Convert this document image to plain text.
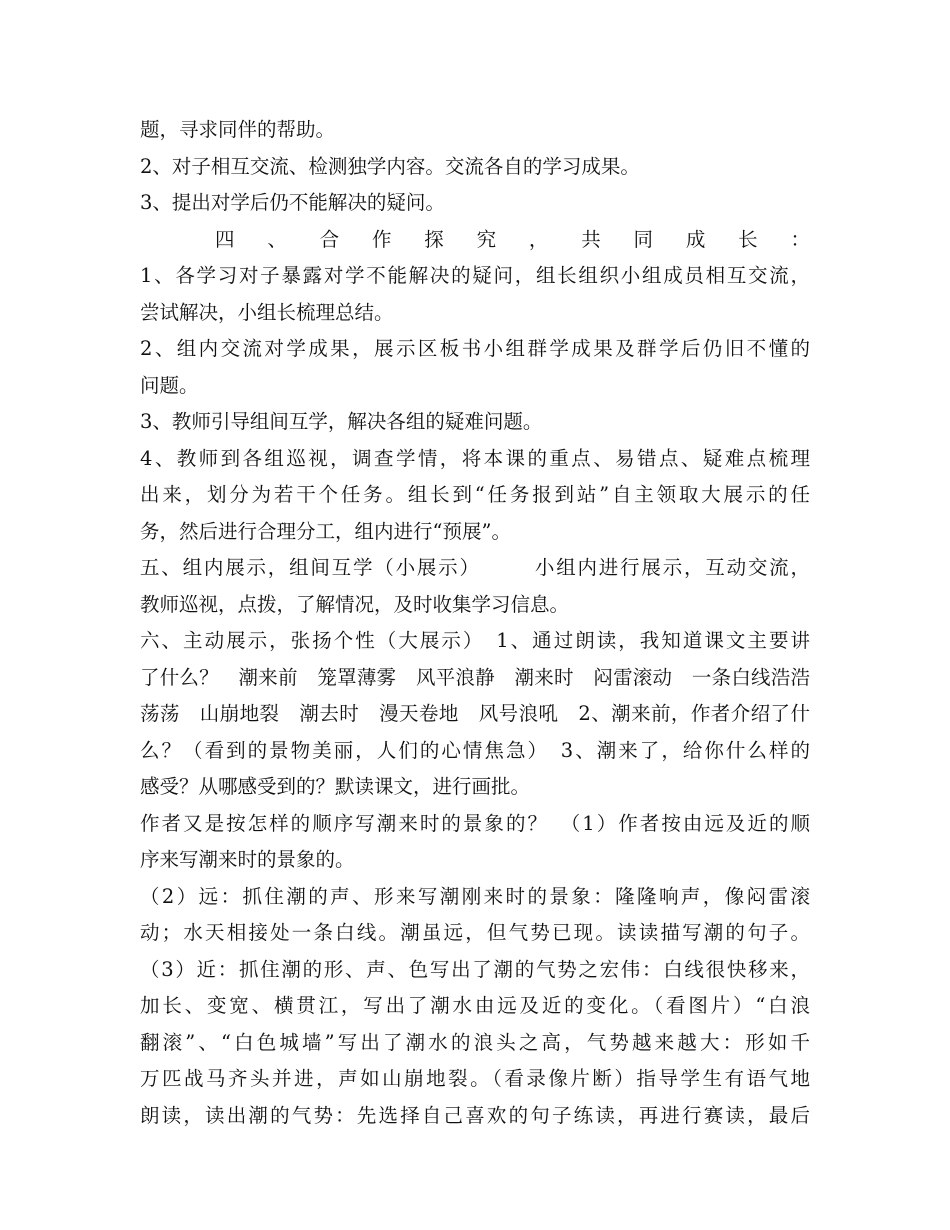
题，寻求同伴的帮助。
2、对子相互交流、检测独学内容。交流各自的学习成果。
3、提出对学后仍不能解决的疑问。
四 、 合 作 探 究 ， 共 同 成 长 ：
1、各学习对子暴露对学不能解决的疑问，组长组织小组成员相互交流，
尝试解决，小组长梳理总结。
2、组内交流对学成果，展示区板书小组群学成果及群学后仍旧不懂的
问题。
3、教师引导组间互学，解决各组的疑难问题。
4、教师到各组巡视，调查学情，将本课的重点、易错点、疑难点梳理
出来，划分为若干个任务。组长到“任务报到站”自主领取大展示的任
务，然后进行合理分工，组内进行“预展”。
五、组内展示，组间互学（小展示）　　　小组内进行展示，互动交流，
教师巡视，点拨，了解情况，及时收集学习信息。
六、主动展示，张扬个性（大展示）　1、通过朗读，我知道课文主要讲
了什么？　潮来前　笼罩薄雾　风平浪静　潮来时　闷雷滚动　一条白线浩浩
荡荡　山崩地裂　潮去时　漫天卷地　风号浪吼　2、潮来前，作者介绍了什
么？（看到的景物美丽，人们的心情焦急）　3、潮来了，给你什么样的
感受？从哪感受到的？默读课文，进行画批。
作者又是按怎样的顺序写潮来时的景象的？　（1）作者按由远及近的顺
序来写潮来时的景象的。
（2）远：抓住潮的声、形来写潮刚来时的景象：隆隆响声，像闷雷滚
动；水天相接处一条白线。潮虽远，但气势已现。读读描写潮的句子。
（3）近：抓住潮的形、声、色写出了潮的气势之宏伟：白线很快移来，
加长、变宽、横贯江，写出了潮水由远及近的变化。（看图片）“白浪
翻滚”、“白色城墙”写出了潮水的浪头之高，气势越来越大：形如千
万匹战马齐头并进，声如山崩地裂。（看录像片断）指导学生有语气地
朗读，读出潮的气势：先选择自己喜欢的句子练读，再进行赛读，最后
